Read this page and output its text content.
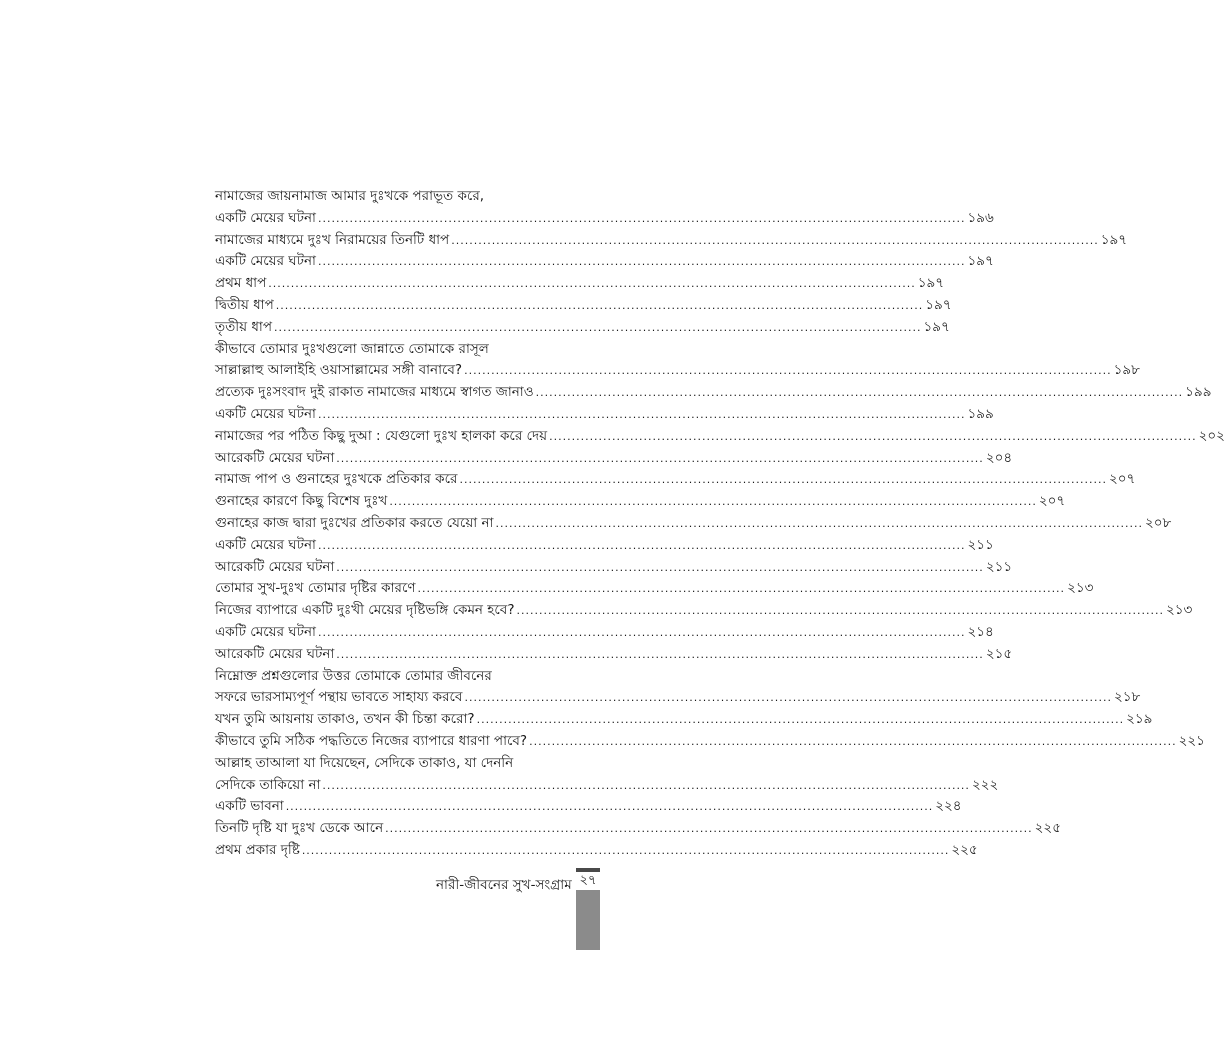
নামাজের জায়নামাজ আমার দুঃখকে পরাভূত করে,
একটি মেয়ের ঘটনা .....	১৯৬
নামাজের মাধ্যমে দুঃখ নিরাময়ের তিনটি ধাপ .....	১৯৭
একটি মেয়ের ঘটনা .....	১৯৭
প্রথম ধাপ .....	১৯৭
দ্বিতীয় ধাপ .....	১৯৭
তৃতীয় ধাপ .....	১৯৭
কীভাবে তোমার দুঃখগুলো জান্নাতে তোমাকে রাসূল
সাল্লাল্লাহু আলাইহি ওয়াসাল্লামের সঙ্গী বানাবে? .....	১৯৮
প্রত্যেক দুঃসংবাদ দুই রাকাত নামাজের মাধ্যমে স্বাগত জানাও .....	১৯৯
একটি মেয়ের ঘটনা .....	১৯৯
নামাজের পর পঠিত কিছু দুআ : যেগুলো দুঃখ হালকা করে দেয় .....	২০২
আরেকটি মেয়ের ঘটনা .....	২০৪
নামাজ পাপ ও গুনাহের দুঃখকে প্রতিকার করে .....	২০৭
গুনাহের কারণে কিছু বিশেষ দুঃখ .....	২০৭
গুনাহের কাজ দ্বারা দুঃখের প্রতিকার করতে যেয়ো না .....	২০৮
একটি মেয়ের ঘটনা .....	২১১
আরেকটি মেয়ের ঘটনা .....	২১১
তোমার সুখ-দুঃখ তোমার দৃষ্টির কারণে .....	২১৩
নিজের ব্যাপারে একটি দুঃখী মেয়ের দৃষ্টিভঙ্গি কেমন হবে? .....	২১৩
একটি মেয়ের ঘটনা .....	২১৪
আরেকটি মেয়ের ঘটনা .....	২১৫
নিম্নোক্ত প্রশ্নগুলোর উত্তর তোমাকে তোমার জীবনের
সফরে ভারসাম্যপূর্ণ পন্থায় ভাবতে সাহায্য করবে .....	২১৮
যখন তুমি আয়নায় তাকাও, তখন কী চিন্তা করো? .....	২১৯
কীভাবে তুমি সঠিক পদ্ধতিতে নিজের ব্যাপারে ধারণা পাবে? .....	২২১
আল্লাহ তাআলা যা দিয়েছেন, সেদিকে তাকাও, যা দেননি
সেদিকে তাকিয়ো না .....	২২২
একটি ভাবনা .....	২২৪
তিনটি দৃষ্টি যা দুঃখ ডেকে আনে .....	২২৫
প্রথম প্রকার দৃষ্টি .....	২২৫
নারী-জীবনের সুখ-সংগ্রাম ২৭
